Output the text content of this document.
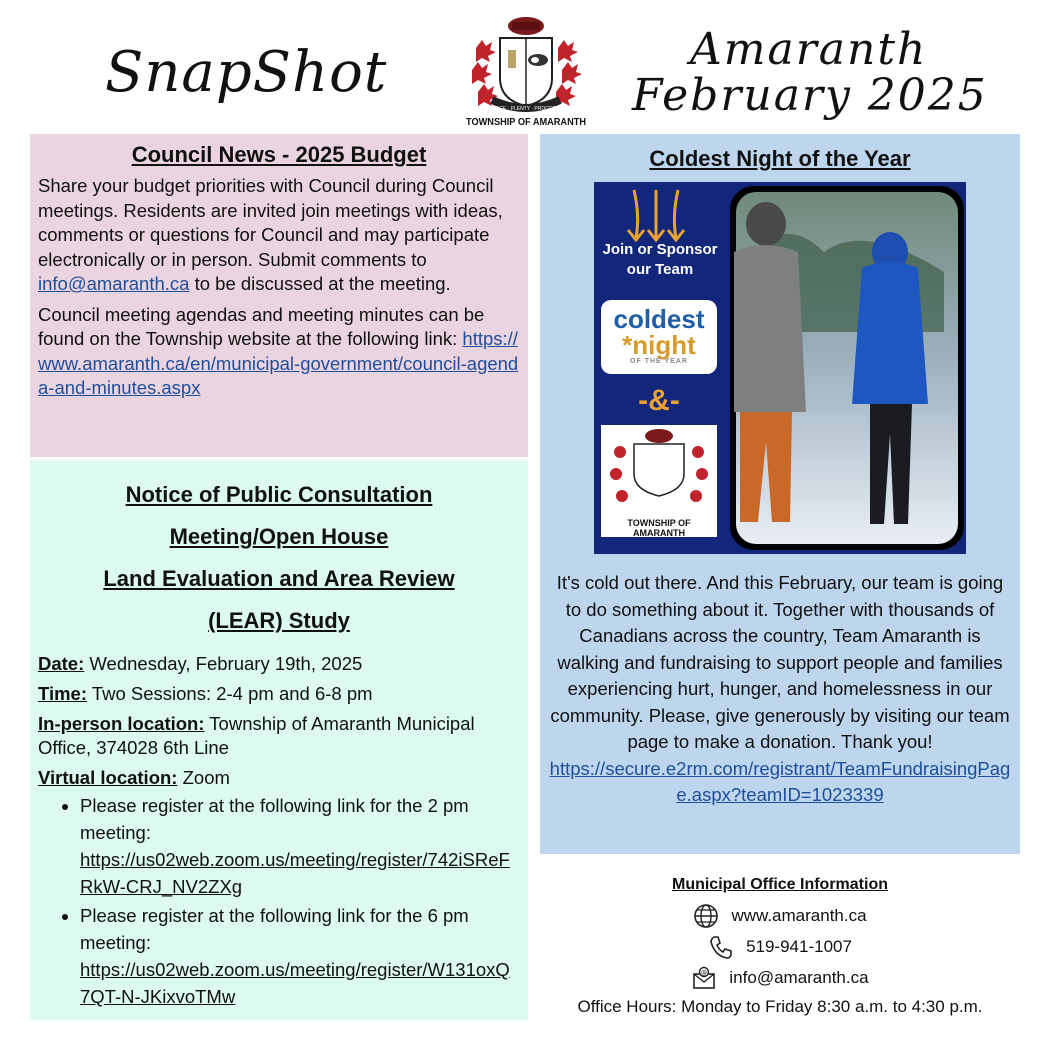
SnapShot
PEACE · PLENTY · PROGRESS
TOWNSHIP OF AMARANTH
Amaranth
February 2025
Council News - 2025 Budget

Share your budget priorities with Council during Council meetings. Residents are invited join meetings with ideas, comments or questions for Council and may participate electronically or in person. Submit comments to info@amaranth.ca to be discussed at the meeting.

Council meeting agendas and meeting minutes can be found on the Township website at the following link: https://www.amaranth.ca/en/municipal-government/council-agenda-and-minutes.aspx

Notice of Public Consultation
Meeting/Open House
Land Evaluation and Area Review
(LEAR) Study
Date: Wednesday, February 19th, 2025
Time: Two Sessions: 2-4 pm and 6-8 pm
In-person location: Township of Amaranth Municipal Office, 374028 6th Line
Virtual location: Zoom
• Please register at the following link for the 2 pm meeting:
https://us02web.zoom.us/meeting/register/742iSReFRkW-CRJ_NV2ZXg
• Please register at the following link for the 6 pm meeting:
https://us02web.zoom.us/meeting/register/W131oxQ7QT-N-JKixvoTMw
Coldest Night of the Year
Join or Sponsor our Team
coldest
*night
OF THE YEAR
-&-
TOWNSHIP OF AMARANTH
It's cold out there. And this February, our team is going to do something about it. Together with thousands of Canadians across the country, Team Amaranth is walking and fundraising to support people and families experiencing hurt, hunger, and homelessness in our community. Please, give generously by visiting our team page to make a donation. Thank you!
https://secure.e2rm.com/registrant/TeamFundraisingPage.aspx?teamID=1023339
Municipal Office Information
www.amaranth.ca
519-941-1007
@ info@amaranth.ca
Office Hours: Monday to Friday 8:30 a.m. to 4:30 p.m.
